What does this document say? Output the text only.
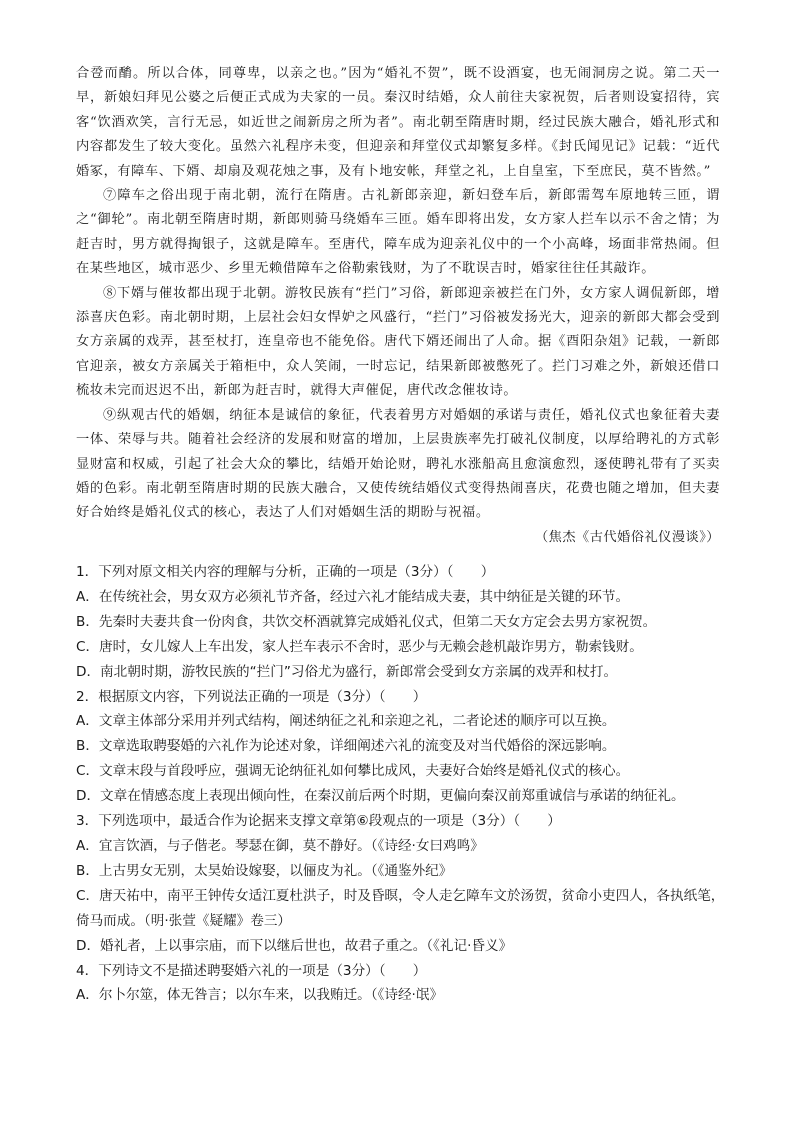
合卺而酳。所以合体，同尊卑，以亲之也。”因为“婚礼不贺”，既不设酒宴，也无闹洞房之说。第二天一早，新娘妇拜见公婆之后便正式成为夫家的一员。秦汉时结婚，众人前往夫家祝贺，后者则设宴招待，宾客“饮酒欢笑，言行无忌，如近世之闹新房之所为者”。南北朝至隋唐时期，经过民族大融合，婚礼形式和内容都发生了较大变化。虽然六礼程序未变，但迎亲和拜堂仪式却繁复多样。《封氏闻见记》记载：“近代婚冢，有障车、下婿、却扇及观花烛之事，及有卜地安帐，拜堂之礼，上自皇室，下至庶民，莫不皆然。”

⑦障车之俗出现于南北朝，流行在隋唐。古礼新郎亲迎，新妇登车后，新郎需驾车原地转三匝，谓之“御轮”。南北朝至隋唐时期，新郎则骑马绕婚车三匝。婚车即将出发，女方家人拦车以示不舍之情；为赶吉时，男方就得掏银子，这就是障车。至唐代，障车成为迎亲礼仪中的一个小高峰，场面非常热闹。但在某些地区，城市恶少、乡里无赖借障车之俗勒索钱财，为了不耽误吉时，婚家往往任其敲诈。

⑧下婿与催妆都出现于北朝。游牧民族有“拦门”习俗，新郎迎亲被拦在门外，女方家人调侃新郎，增添喜庆色彩。南北朝时期，上层社会妇女悍妒之风盛行，“拦门”习俗被发扬光大，迎亲的新郎大都会受到女方亲属的戏弄，甚至杖打，连皇帝也不能免俗。唐代下婿还闹出了人命。据《酉阳杂俎》记载，一新郎官迎亲，被女方亲属关于箱柜中，众人笑闹，一时忘记，结果新郎被憋死了。拦门习难之外，新娘还借口梳妆未完而迟迟不出，新郎为赶吉时，就得大声催促，唐代改念催妆诗。

⑨纵观古代的婚姻，纳征本是诚信的象征，代表着男方对婚姻的承诺与责任，婚礼仪式也象征着夫妻一体、荣辱与共。随着社会经济的发展和财富的增加，上层贵族率先打破礼仪制度，以厚给聘礼的方式彰显财富和权威，引起了社会大众的攀比，结婚开始论财，聘礼水涨船高且愈演愈烈，逐使聘礼带有了买卖婚的色彩。南北朝至隋唐时期的民族大融合，又使传统结婚仪式变得热闹喜庆，花费也随之增加，但夫妻好合始终是婚礼仪式的核心，表达了人们对婚姻生活的期盼与祝福。

（焦杰《古代婚俗礼仪漫谈》）

1．下列对原文相关内容的理解与分析，正确的一项是（3分）（　　）

A．在传统社会，男女双方必须礼节齐备，经过六礼才能结成夫妻，其中纳征是关键的环节。

B．先秦时夫妻共食一份肉食，共饮交杯酒就算完成婚礼仪式，但第二天女方定会去男方家祝贺。

C．唐时，女儿嫁人上车出发，家人拦车表示不舍时，恶少与无赖会趁机敲诈男方，勒索钱财。

D．南北朝时期，游牧民族的“拦门”习俗尤为盛行，新郎常会受到女方亲属的戏弄和杖打。

2．根据原文内容，下列说法正确的一项是（3分）（　　）

A．文章主体部分采用并列式结构，阐述纳征之礼和亲迎之礼，二者论述的顺序可以互换。

B．文章选取聘娶婚的六礼作为论述对象，详细阐述六礼的流变及对当代婚俗的深远影响。

C．文章末段与首段呼应，强调无论纳征礼如何攀比成风，夫妻好合始终是婚礼仪式的核心。

D．文章在情感态度上表现出倾向性，在秦汉前后两个时期，更偏向秦汉前郑重诚信与承诺的纳征礼。

3．下列选项中，最适合作为论据来支撑文章第⑥段观点的一项是（3分）（　　）

A．宜言饮酒，与子偕老。琴瑟在御，莫不静好。（《诗经·女曰鸡鸣》

B．上古男女无别，太昊始设嫁娶，以俪皮为礼。（《通鉴外纪》

C．唐天祐中，南平王钟传女适江夏杜洪子，时及昏暝，令人走乞障车文於汤贺，贫命小吏四人，各执纸笔，倚马而成。（明·张萱《疑耀》卷三）

D．婚礼者，上以事宗庙，而下以继后世也，故君子重之。（《礼记·昏义》

4．下列诗文不是描述聘娶婚六礼的一项是（3分）（　　）

A．尔卜尔筮，体无咎言；以尔车来，以我贿迁。（《诗经·氓》
